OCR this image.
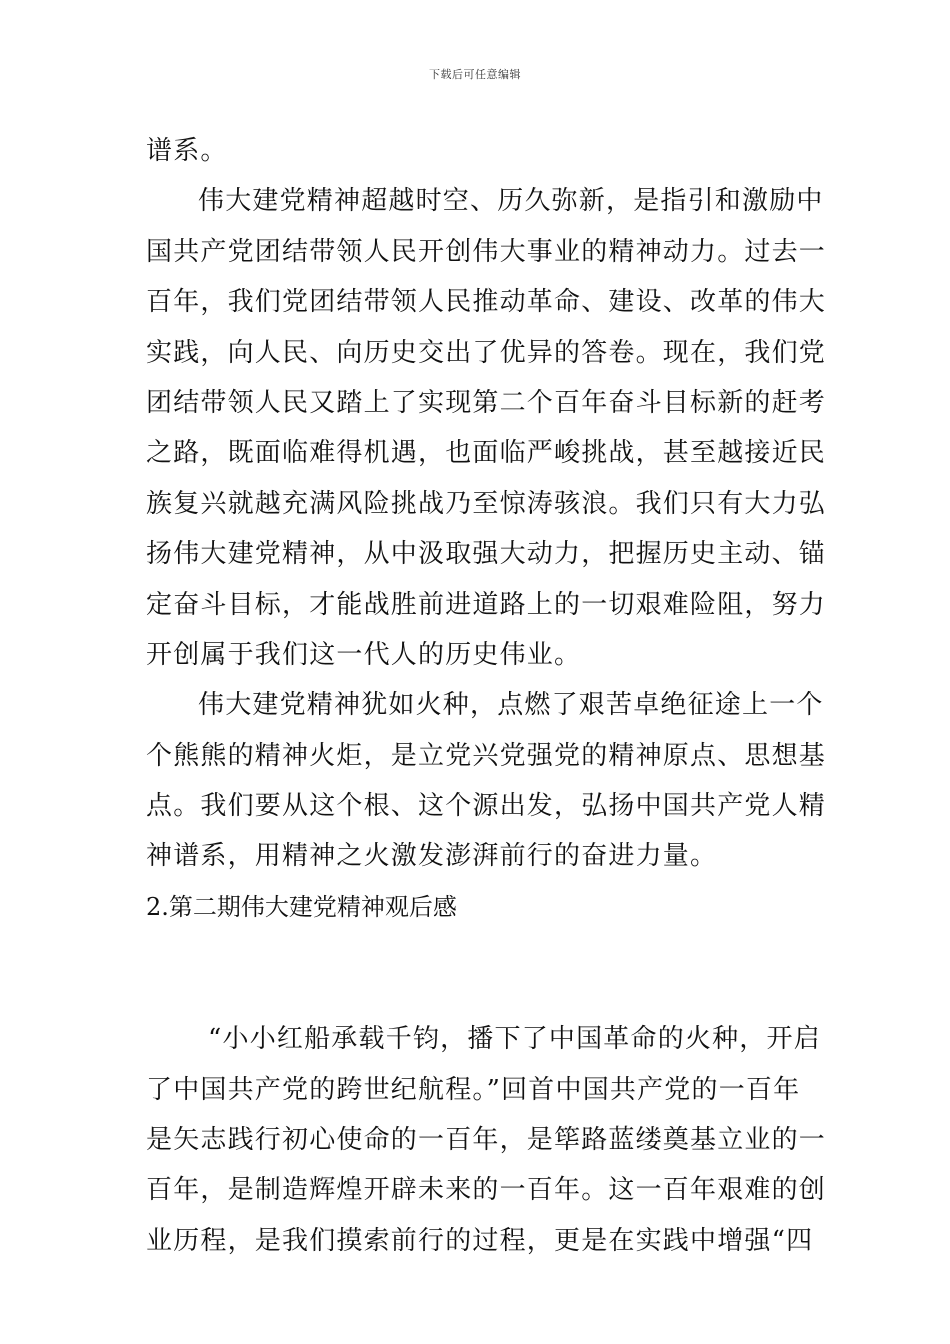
下载后可任意编辑
谱系。
伟大建党精神超越时空、历久弥新，是指引和激励中
国共产党团结带领人民开创伟大事业的精神动力。过去一
百年，我们党团结带领人民推动革命、建设、改革的伟大
实践，向人民、向历史交出了优异的答卷。现在，我们党
团结带领人民又踏上了实现第二个百年奋斗目标新的赶考
之路，既面临难得机遇，也面临严峻挑战，甚至越接近民
族复兴就越充满风险挑战乃至惊涛骇浪。我们只有大力弘
扬伟大建党精神，从中汲取强大动力，把握历史主动、锚
定奋斗目标，才能战胜前进道路上的一切艰难险阻，努力
开创属于我们这一代人的历史伟业。
伟大建党精神犹如火种，点燃了艰苦卓绝征途上一个
个熊熊的精神火炬，是立党兴党强党的精神原点、思想基
点。我们要从这个根、这个源出发，弘扬中国共产党人精
神谱系，用精神之火激发澎湃前行的奋进力量。
2.第二期伟大建党精神观后感
“小小红船承载千钧，播下了中国革命的火种，开启
了中国共产党的跨世纪航程。”回首中国共产党的一百年
是矢志践行初心使命的一百年，是筚路蓝缕奠基立业的一
百年，是制造辉煌开辟未来的一百年。这一百年艰难的创
业历程，是我们摸索前行的过程，更是在实践中增强“四
